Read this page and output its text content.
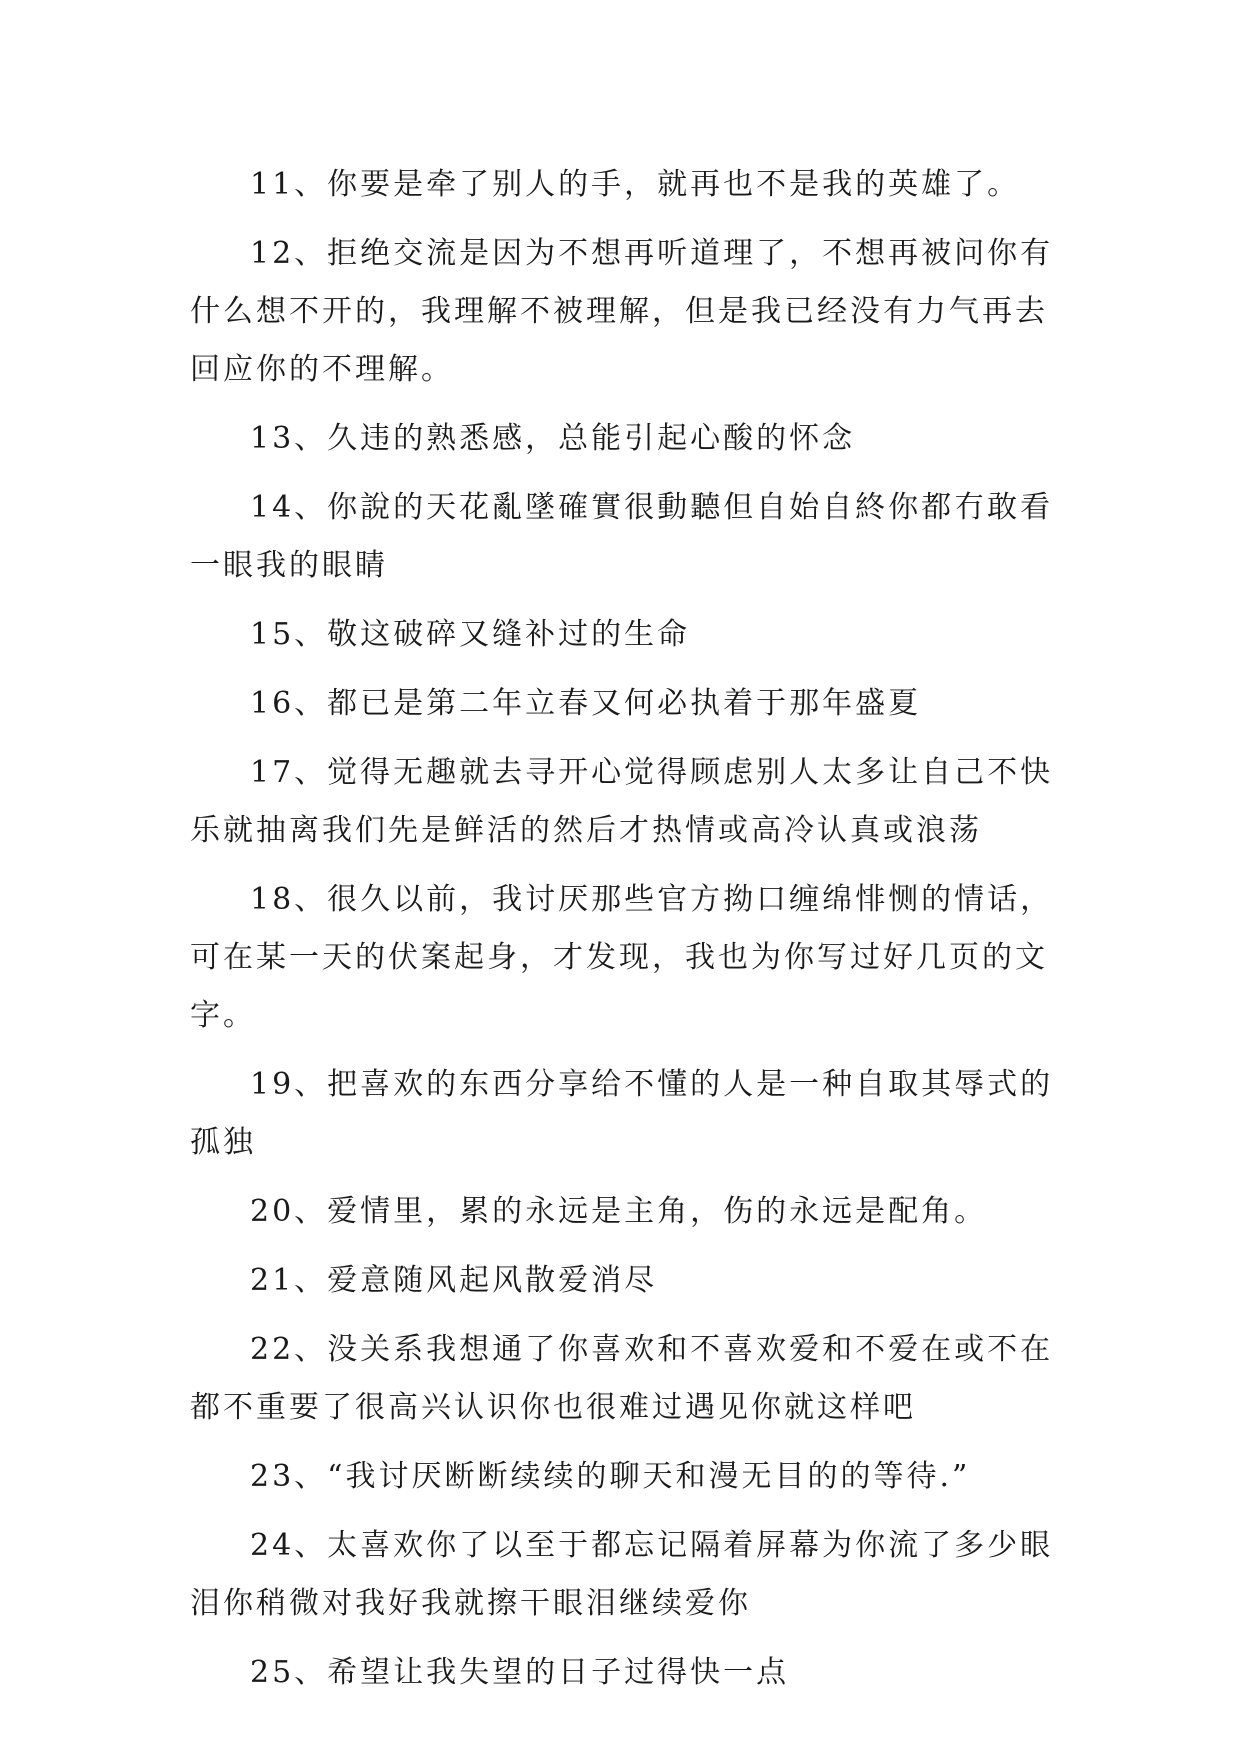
11、你要是牵了别人的手，就再也不是我的英雄了。

12、拒绝交流是因为不想再听道理了，不想再被问你有什么想不开的，我理解不被理解，但是我已经没有力气再去回应你的不理解。

13、久违的熟悉感，总能引起心酸的怀念

14、你說的天花亂墜確實很動聽但自始自終你都冇敢看一眼我的眼睛

15、敬这破碎又缝补过的生命

16、都已是第二年立春又何必执着于那年盛夏

17、觉得无趣就去寻开心觉得顾虑别人太多让自己不快乐就抽离我们先是鲜活的然后才热情或高冷认真或浪荡

18、很久以前，我讨厌那些官方拗口缠绵悱恻的情话，可在某一天的伏案起身，才发现，我也为你写过好几页的文字。

19、把喜欢的东西分享给不懂的人是一种自取其辱式的孤独

20、爱情里，累的永远是主角，伤的永远是配角。

21、爱意随风起风散爱消尽

22、没关系我想通了你喜欢和不喜欢爱和不爱在或不在都不重要了很高兴认识你也很难过遇见你就这样吧

23、“我讨厌断断续续的聊天和漫无目的的等待.”

24、太喜欢你了以至于都忘记隔着屏幕为你流了多少眼泪你稍微对我好我就擦干眼泪继续爱你

25、希望让我失望的日子过得快一点
